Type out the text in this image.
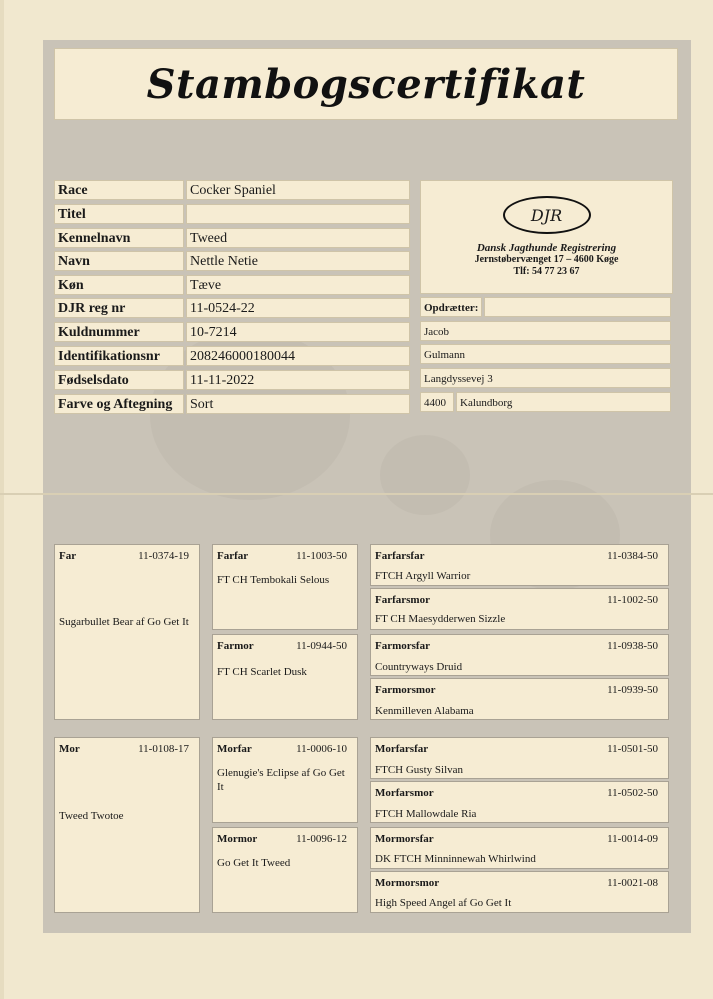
Stambogscertifikat
Race	Cocker Spaniel
Titel
Kennelnavn	Tweed
Navn	Nettle Netie
Køn	Tæve
DJR reg nr	11-0524-22
Kuldnummer	10-7214
Identifikationsnr	208246000180044
Fødselsdato	11-11-2022
Farve og Aftegning	Sort
DJR
Dansk Jagthunde Registrering
Jernstøbervænget 17 – 4600 Køge
Tlf: 54 77 23 67
Opdrætter:
Jacob
Gulmann
Langdyssevej 3
4400	Kalundborg
Far	11-0374-19
Sugarbullet Bear af Go Get It
Mor	11-0108-17
Tweed Twotoe
Farfar	11-1003-50
FT CH Tembokali Selous
Farmor	11-0944-50
FT CH Scarlet Dusk
Morfar	11-0006-10
Glenugie's Eclipse af Go Get It
Mormor	11-0096-12
Go Get It Tweed
Farfarsfar	11-0384-50
FTCH Argyll Warrior
Farfarsmor	11-1002-50
FT CH Maesydderwen Sizzle
Farmorsfar	11-0938-50
Countryways Druid
Farmorsmor	11-0939-50
Kenmilleven Alabama
Morfarsfar	11-0501-50
FTCH Gusty Silvan
Morfarsmor	11-0502-50
FTCH Mallowdale Ria
Mormorsfar	11-0014-09
DK FTCH Minninnewah Whirlwind
Mormorsmor	11-0021-08
High Speed Angel af Go Get It
